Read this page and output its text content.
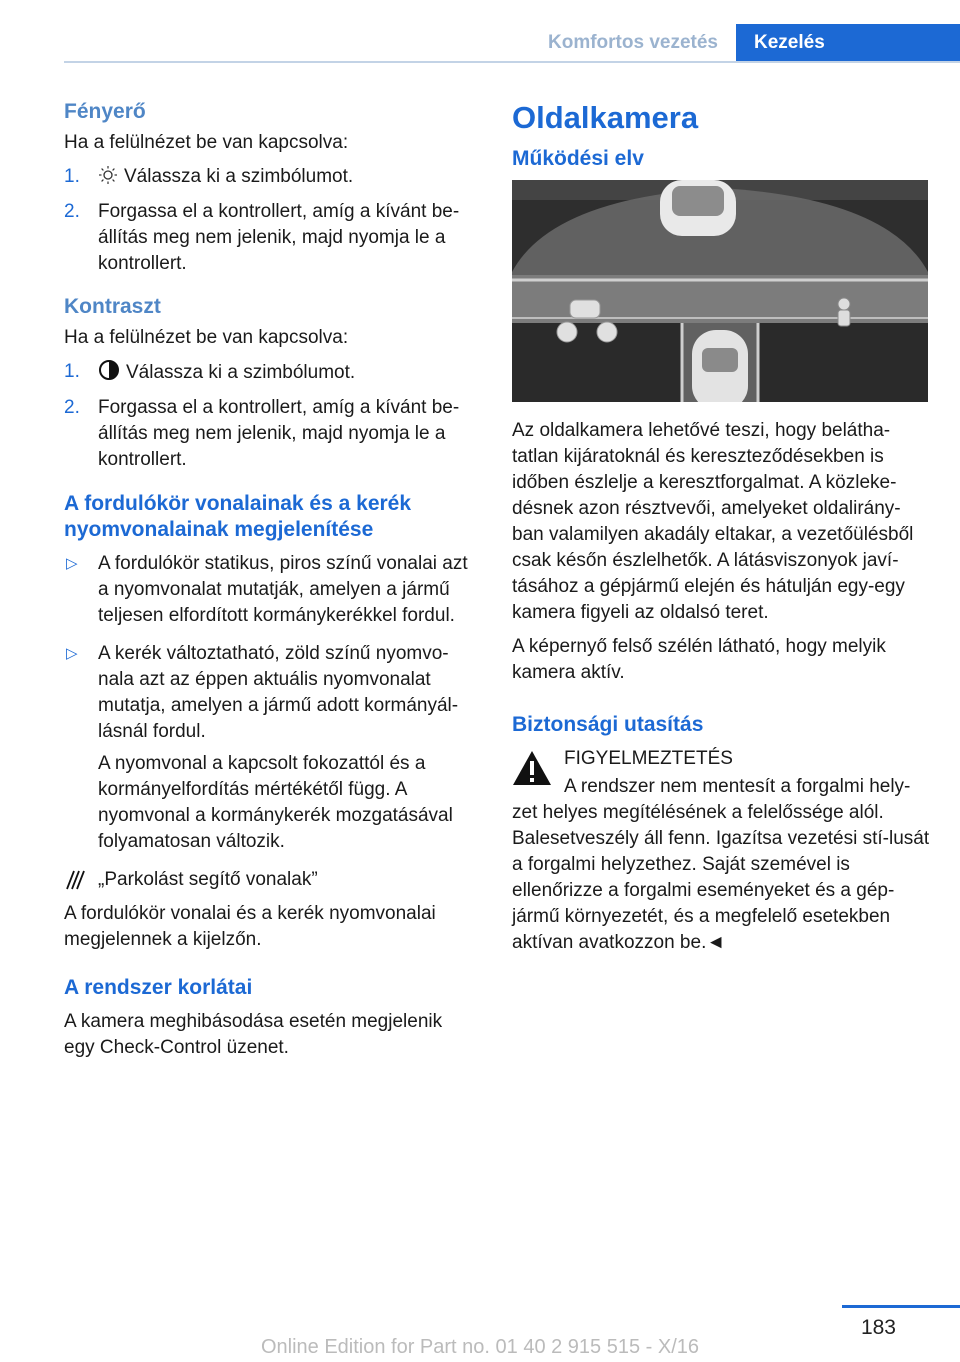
Komfortos vezetés	Kezelés
Fényerő

Ha a felülnézet be van kapcsolva:

1. Válassza ki a szimbólumot.
2. Forgassa el a kontrollert, amíg a kívánt be-állítás meg nem jelenik, majd nyomja le a kontrollert.
Kontraszt

Ha a felülnézet be van kapcsolva:

1. Válassza ki a szimbólumot.
2. Forgassa el a kontrollert, amíg a kívánt be-állítás meg nem jelenik, majd nyomja le a kontrollert.
A fordulókör vonalainak és a kerék nyomvonalainak megjelenítése
▷ A fordulókör statikus, piros színű vonalai azt a nyomvonalat mutatják, amelyen a jármű teljesen elfordított kormánykerékkel fordul.

▷ A kerék változtatható, zöld színű nyomvo-nala azt az éppen aktuális nyomvonalat mutatja, amelyen a jármű adott kormányál-lásnál fordul.

A nyomvonal a kapcsolt fokozattól és a kormányelfordítás mértékétől függ. A nyomvonal a kormánykerék mozgatásával folyamatosan változik.

„Parkolást segítő vonalak”

A fordulókör vonalai és a kerék nyomvonalai megjelennek a kijelzőn.

A rendszer korlátai

A kamera meghibásodása esetén megjelenik egy Check-Control üzenet.

Oldalkamera
Működési elv

Az oldalkamera lehetővé teszi, hogy belátha-tatlan kijáratoknál és kereszteződésekben is időben észlelje a keresztforgalmat. A közleke-désnek azon résztvevői, amelyeket oldalirány-ban valamilyen akadály eltakar, a vezetőülésből csak későn észlelhetők. A látásviszonyok javí-tásához a gépjármű elején és hátulján egy-egy kamera figyeli az oldalsó teret.

A képernyő felső szélén látható, hogy melyik kamera aktív.

Biztonsági utasítás
FIGYELMEZTETÉS

A rendszer nem mentesít a forgalmi hely-zet helyes megítélésének a felelőssége alól. Balesetveszély áll fenn. Igazítsa vezetési stí-lusát a forgalmi helyzethez. Saját szemével is ellenőrizze a forgalmi eseményeket és a gép-jármű környezetét, és a megfelelő esetekben aktívan avatkozzon be.◄

183
Online Edition for Part no. 01 40 2 915 515 - X/16
